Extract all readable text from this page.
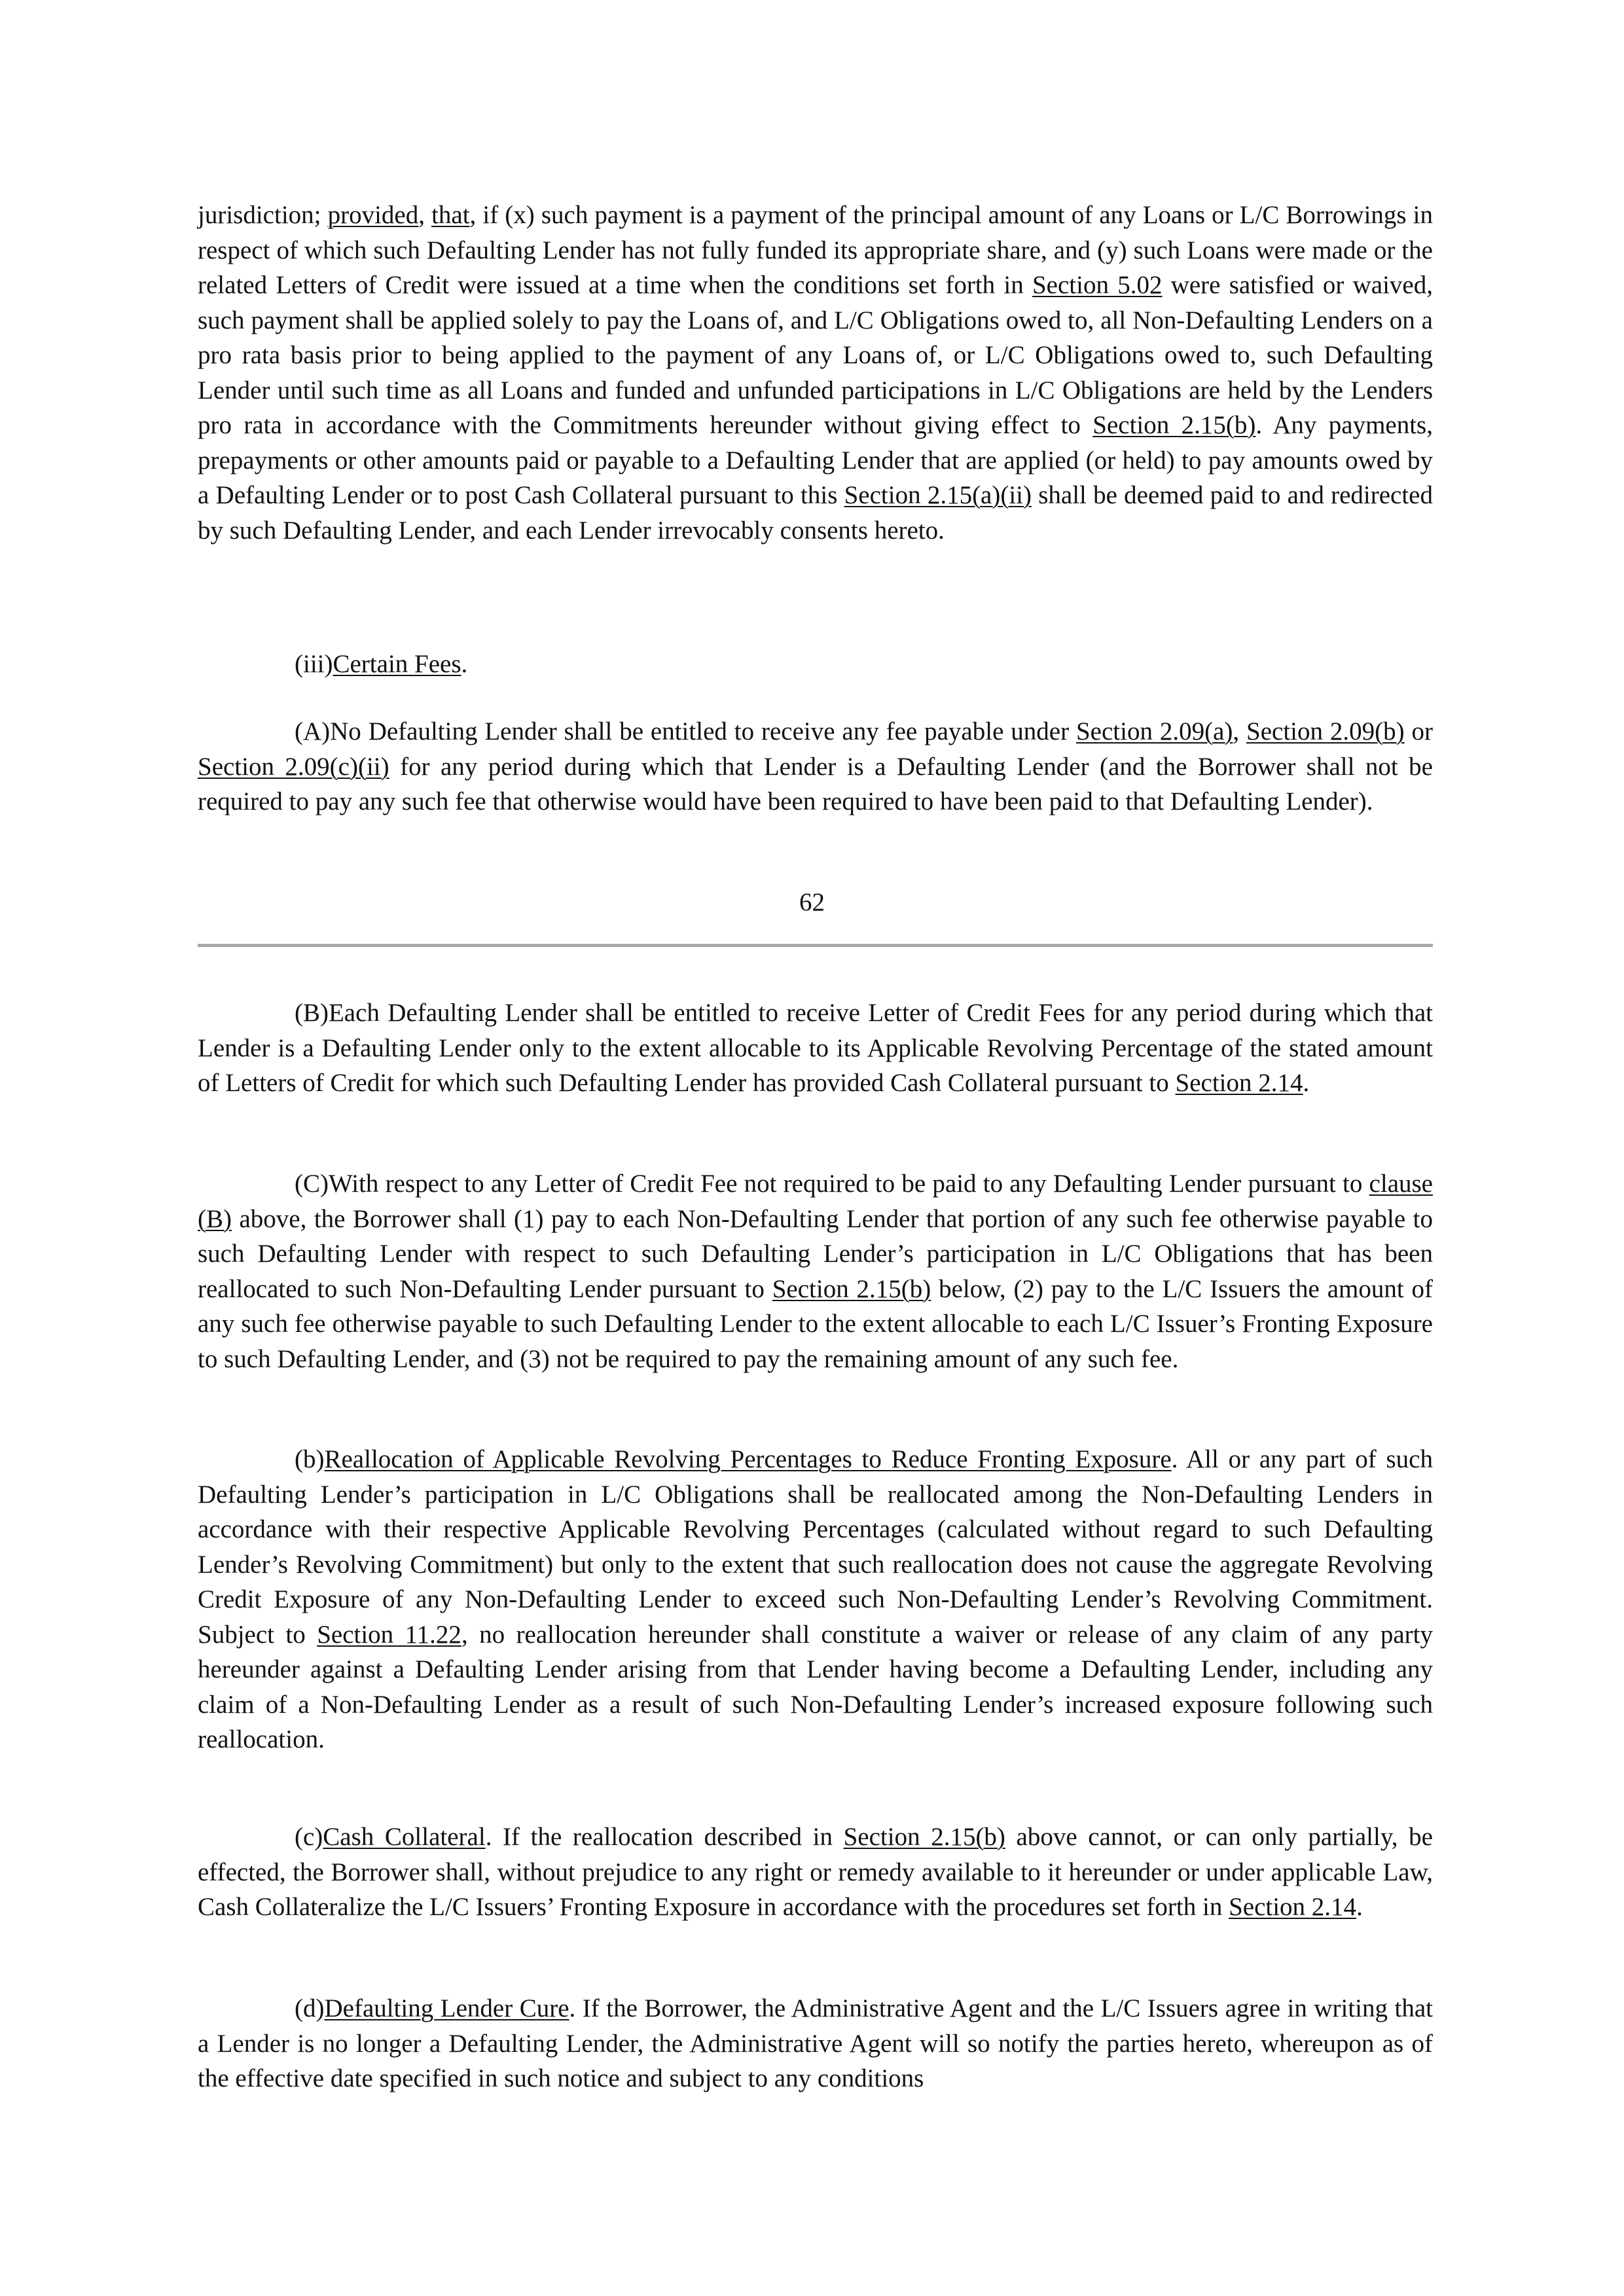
jurisdiction; provided, that, if (x) such payment is a payment of the principal amount of any Loans or L/C Borrowings in respect of which such Defaulting Lender has not fully funded its appropriate share, and (y) such Loans were made or the related Letters of Credit were issued at a time when the conditions set forth in Section 5.02 were satisfied or waived, such payment shall be applied solely to pay the Loans of, and L/C Obligations owed to, all Non-Defaulting Lenders on a pro rata basis prior to being applied to the payment of any Loans of, or L/C Obligations owed to, such Defaulting Lender until such time as all Loans and funded and unfunded participations in L/C Obligations are held by the Lenders pro rata in accordance with the Commitments hereunder without giving effect to Section 2.15(b). Any payments, prepayments or other amounts paid or payable to a Defaulting Lender that are applied (or held) to pay amounts owed by a Defaulting Lender or to post Cash Collateral pursuant to this Section 2.15(a)(ii) shall be deemed paid to and redirected by such Defaulting Lender, and each Lender irrevocably consents hereto.

(iii)Certain Fees.

(A)No Defaulting Lender shall be entitled to receive any fee payable under Section 2.09(a), Section 2.09(b) or Section 2.09(c)(ii) for any period during which that Lender is a Defaulting Lender (and the Borrower shall not be required to pay any such fee that otherwise would have been required to have been paid to that Defaulting Lender).

62

(B)Each Defaulting Lender shall be entitled to receive Letter of Credit Fees for any period during which that Lender is a Defaulting Lender only to the extent allocable to its Applicable Revolving Percentage of the stated amount of Letters of Credit for which such Defaulting Lender has provided Cash Collateral pursuant to Section 2.14.

(C)With respect to any Letter of Credit Fee not required to be paid to any Defaulting Lender pursuant to clause (B) above, the Borrower shall (1) pay to each Non-Defaulting Lender that portion of any such fee otherwise payable to such Defaulting Lender with respect to such Defaulting Lender’s participation in L/C Obligations that has been reallocated to such Non-Defaulting Lender pursuant to Section 2.15(b) below, (2) pay to the L/C Issuers the amount of any such fee otherwise payable to such Defaulting Lender to the extent allocable to each L/C Issuer’s Fronting Exposure to such Defaulting Lender, and (3) not be required to pay the remaining amount of any such fee.

(b)Reallocation of Applicable Revolving Percentages to Reduce Fronting Exposure. All or any part of such Defaulting Lender’s participation in L/C Obligations shall be reallocated among the Non-Defaulting Lenders in accordance with their respective Applicable Revolving Percentages (calculated without regard to such Defaulting Lender’s Revolving Commitment) but only to the extent that such reallocation does not cause the aggregate Revolving Credit Exposure of any Non-Defaulting Lender to exceed such Non-Defaulting Lender’s Revolving Commitment. Subject to Section 11.22, no reallocation hereunder shall constitute a waiver or release of any claim of any party hereunder against a Defaulting Lender arising from that Lender having become a Defaulting Lender, including any claim of a Non-Defaulting Lender as a result of such Non-Defaulting Lender’s increased exposure following such reallocation.

(c)Cash Collateral. If the reallocation described in Section 2.15(b) above cannot, or can only partially, be effected, the Borrower shall, without prejudice to any right or remedy available to it hereunder or under applicable Law, Cash Collateralize the L/C Issuers’ Fronting Exposure in accordance with the procedures set forth in Section 2.14.

(d)Defaulting Lender Cure. If the Borrower, the Administrative Agent and the L/C Issuers agree in writing that a Lender is no longer a Defaulting Lender, the Administrative Agent will so notify the parties hereto, whereupon as of the effective date specified in such notice and subject to any conditions
